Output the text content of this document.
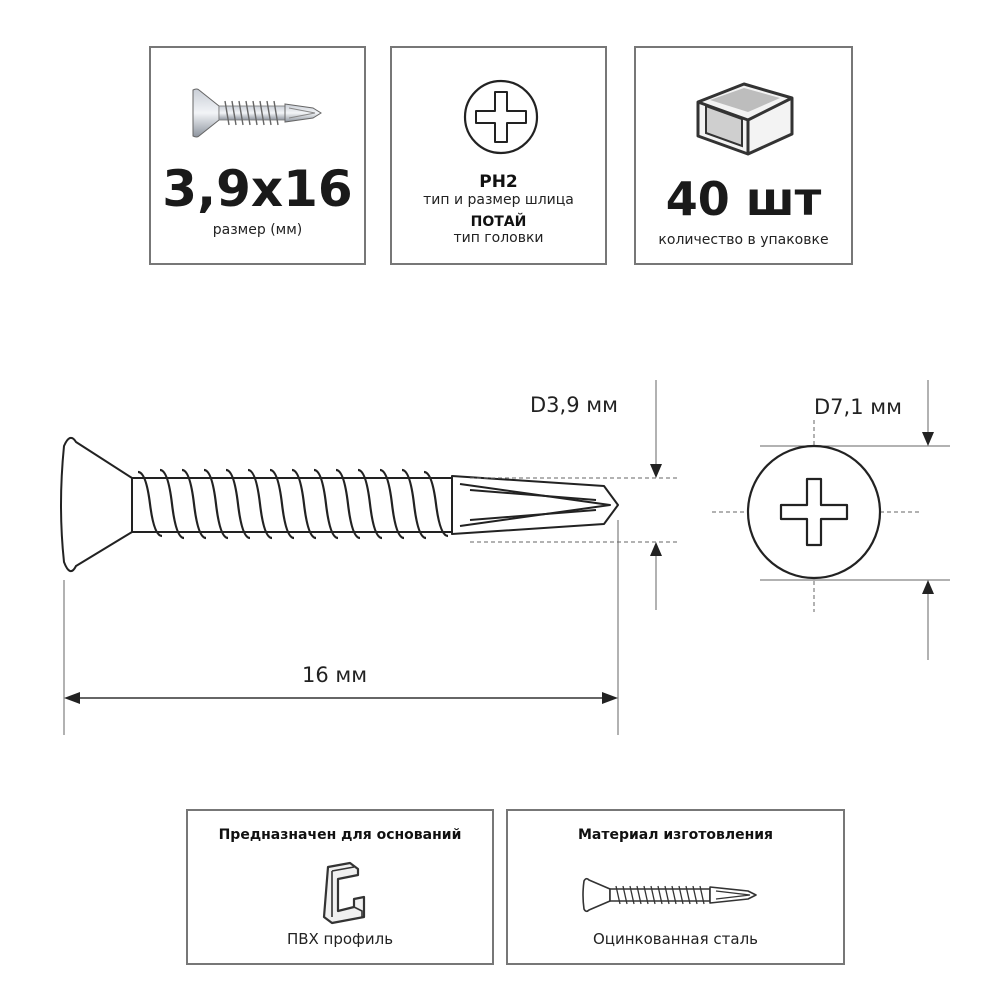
3,9x16
размер (мм)
PH2
тип и размер шлица
ПОТАЙ
тип головки
40 шт
количество в упаковке
D3,9 мм	D7,1 мм
16 мм
Предназначен для оснований
ПВХ профиль
Материал изготовления
Оцинкованная сталь
